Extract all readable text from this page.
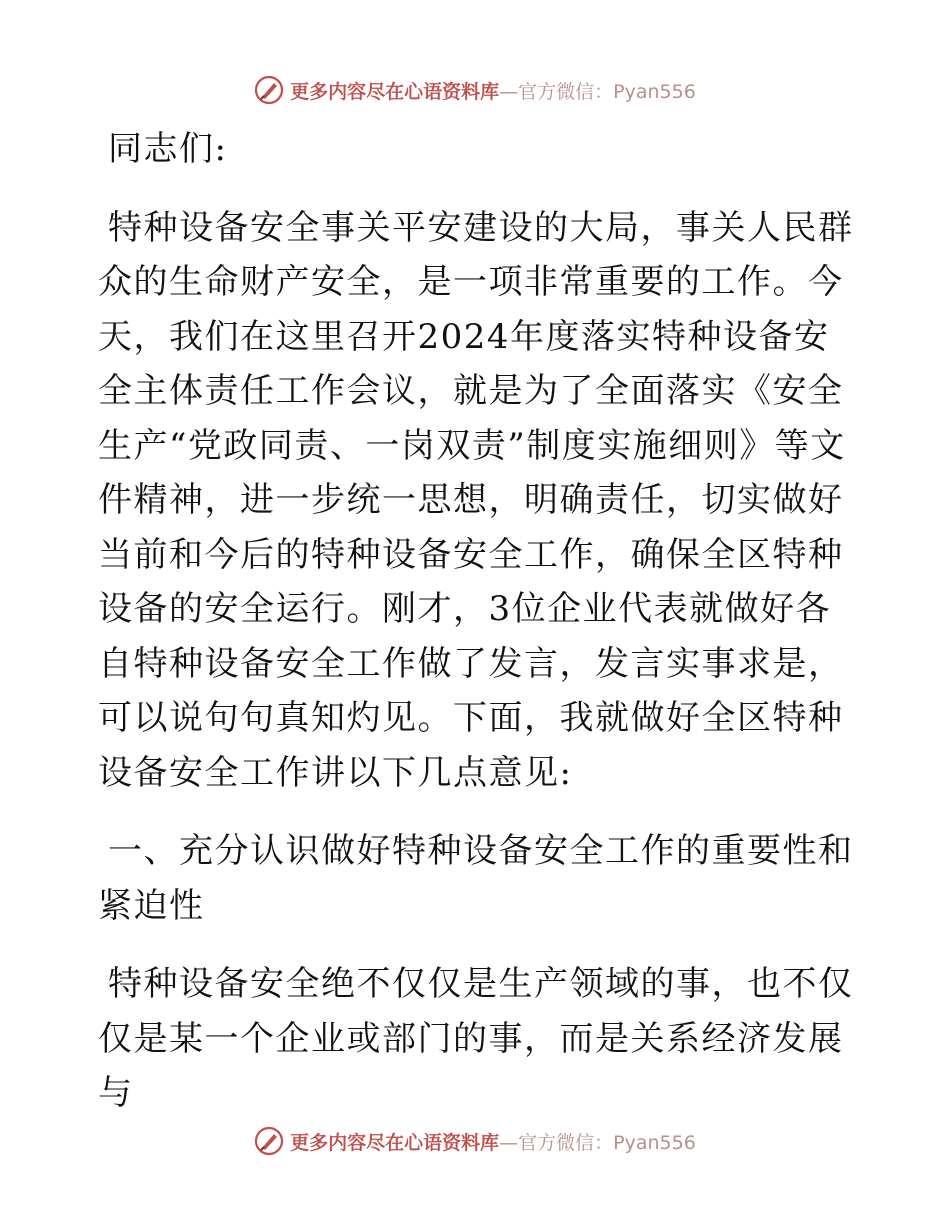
更多内容尽在心语资料库—官方微信：Pyan556

同志们:

特种设备安全事关平安建设的大局，事关人民群众的生命财产安全，是一项非常重要的工作。今天，我们在这里召开2024年度落实特种设备安全主体责任工作会议，就是为了全面落实《安全生产“党政同责、一岗双责”制度实施细则》等文件精神，进一步统一思想，明确责任，切实做好当前和今后的特种设备安全工作，确保全区特种设备的安全运行。刚才，3位企业代表就做好各自特种设备安全工作做了发言，发言实事求是，可以说句句真知灼见。下面，我就做好全区特种设备安全工作讲以下几点意见:

一、充分认识做好特种设备安全工作的重要性和紧迫性

特种设备安全绝不仅仅是生产领域的事，也不仅仅是某一个企业或部门的事，而是关系经济发展与

更多内容尽在心语资料库—官方微信：Pyan556
